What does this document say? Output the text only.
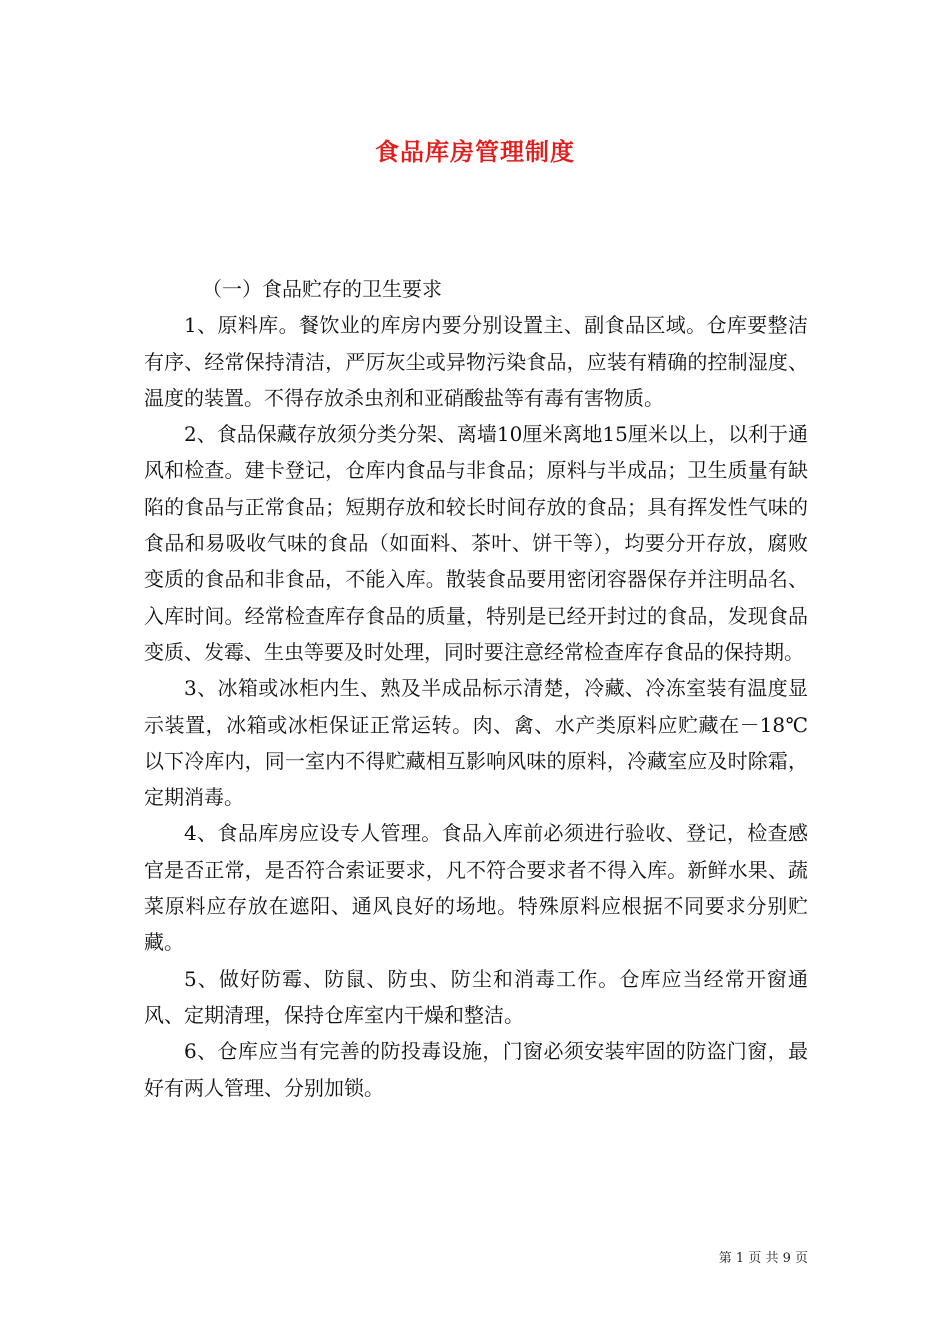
食品库房管理制度

（一）食品贮存的卫生要求

1、原料库。餐饮业的库房内要分别设置主、副食品区域。仓库要整洁有序、经常保持清洁，严厉灰尘或异物污染食品，应装有精确的控制湿度、温度的装置。不得存放杀虫剂和亚硝酸盐等有毒有害物质。

2、食品保藏存放须分类分架、离墙10厘米离地15厘米以上，以利于通风和检查。建卡登记，仓库内食品与非食品；原料与半成品；卫生质量有缺陷的食品与正常食品；短期存放和较长时间存放的食品；具有挥发性气味的食品和易吸收气味的食品（如面料、茶叶、饼干等），均要分开存放，腐败变质的食品和非食品，不能入库。散装食品要用密闭容器保存并注明品名、入库时间。经常检查库存食品的质量，特别是已经开封过的食品，发现食品变质、发霉、生虫等要及时处理，同时要注意经常检查库存食品的保持期。

3、冰箱或冰柜内生、熟及半成品标示清楚，冷藏、冷冻室装有温度显示装置，冰箱或冰柜保证正常运转。肉、禽、水产类原料应贮藏在－18℃以下冷库内，同一室内不得贮藏相互影响风味的原料，冷藏室应及时除霜，定期消毒。

4、食品库房应设专人管理。食品入库前必须进行验收、登记，检查感官是否正常，是否符合索证要求，凡不符合要求者不得入库。新鲜水果、蔬菜原料应存放在遮阳、通风良好的场地。特殊原料应根据不同要求分别贮藏。

5、做好防霉、防鼠、防虫、防尘和消毒工作。仓库应当经常开窗通风、定期清理，保持仓库室内干燥和整洁。

6、仓库应当有完善的防投毒设施，门窗必须安装牢固的防盗门窗，最好有两人管理、分别加锁。

第 1 页 共 9 页
